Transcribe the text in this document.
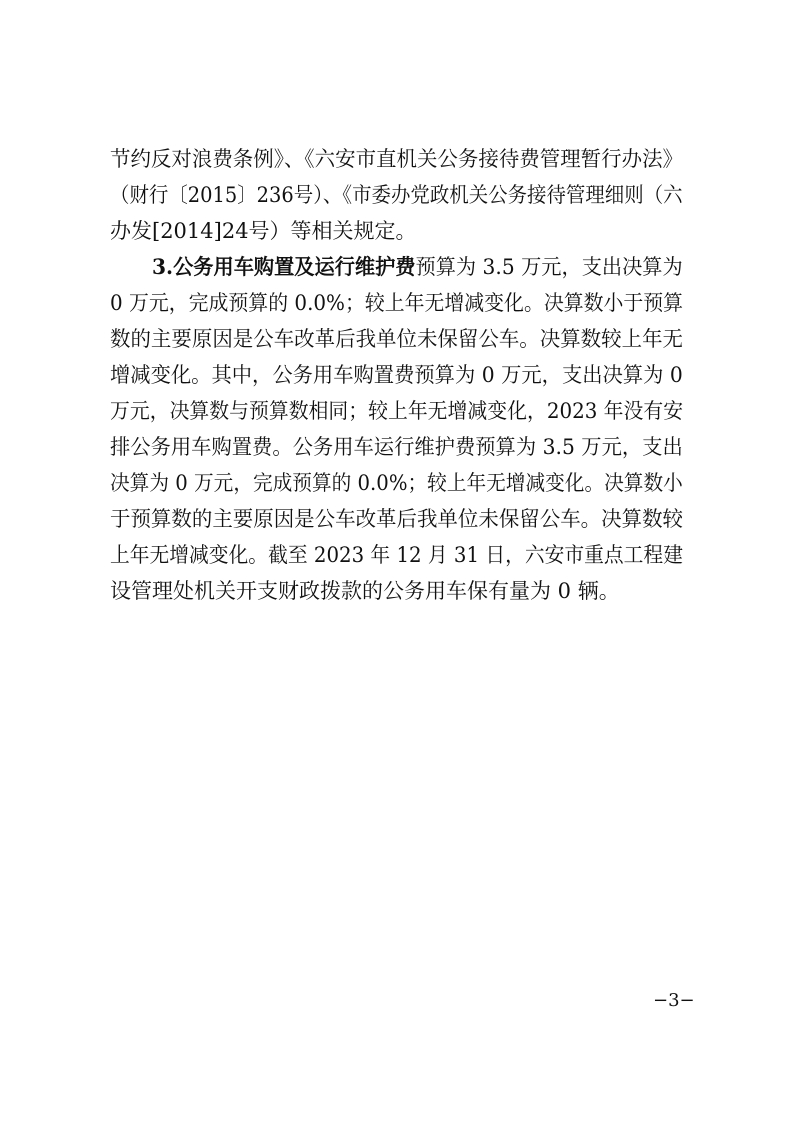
节约反对浪费条例》、《六安市直机关公务接待费管理暂行办法》
（财行〔2015〕236号）、《市委办党政机关公务接待管理细则（六
办发[2014]24号）等相关规定。
3.公务用车购置及运行维护费预算为 3.5 万元，支出决算为
0 万元，完成预算的 0.0%；较上年无增减变化。决算数小于预算
数的主要原因是公车改革后我单位未保留公车。决算数较上年无
增减变化。其中，公务用车购置费预算为 0 万元，支出决算为 0
万元，决算数与预算数相同；较上年无增减变化，2023 年没有安
排公务用车购置费。公务用车运行维护费预算为 3.5 万元，支出
决算为 0 万元，完成预算的 0.0%；较上年无增减变化。决算数小
于预算数的主要原因是公车改革后我单位未保留公车。决算数较
上年无增减变化。截至 2023 年 12 月 31 日，六安市重点工程建
设管理处机关开支财政拨款的公务用车保有量为 0 辆。
−3−
